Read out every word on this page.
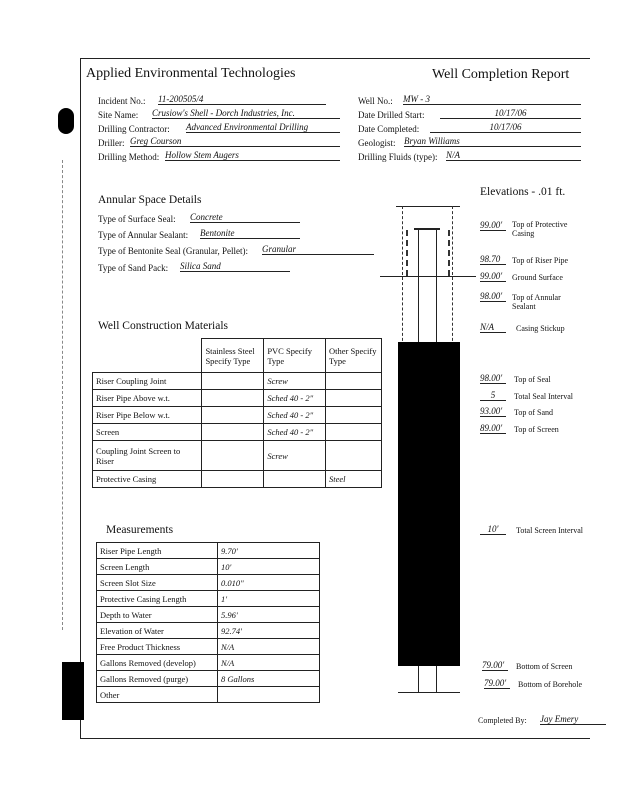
Applied Environmental Technologies	Well Completion Report
Incident No.: 11-200505/4
Site Name: Crusiow's Shell - Dorch Industries, Inc.
Drilling Contractor: Advanced Environmental Drilling
Driller: Greg Courson
Drilling Method: Hollow Stem Augers
Well No.: MW - 3
Date Drilled Start:	10/17/06
Date Completed:	10/17/06
Geologist: Bryan Williams
Drilling Fluids (type): N/A
Annular Space Details
Type of Surface Seal: Concrete
Type of Annular Sealant: Bentonite
Type of Bentonite Seal (Granular, Pellet): Granular
Type of Sand Pack: Silica Sand
Well Construction Materials
	Stainless Steel Specify Type	PVC Specify Type	Other Specify Type
Riser Coupling Joint		Screw	
Riser Pipe Above w.t.		Sched 40 - 2"	
Riser Pipe Below w.t.		Sched 40 - 2"	
Screen		Sched 40 - 2"	
Coupling Joint Screen to Riser		Screw	
Protective Casing			Steel
Measurements
Riser Pipe Length	9.70'
Screen Length	10'
Screen Slot Size	0.010"
Protective Casing Length	1'
Depth to Water	5.96'
Elevation of Water	92.74'
Free Product Thickness	N/A
Gallons Removed (develop)	N/A
Gallons Removed (purge)	8 Gallons
Other	
Elevations - .01 ft.
99.00'	Top of Protective Casing
98.70	Top of Riser Pipe
99.00'	Ground Surface
98.00'	Top of Annular Sealant
N/A	Casing Stickup
98.00'	Top of Seal
5	Total Seal Interval
93.00'	Top of Sand
89.00'	Top of Screen
10'	Total Screen Interval
79.00'	Bottom of Screen
79.00'	Bottom of Borehole
Completed By: Jay Emery
